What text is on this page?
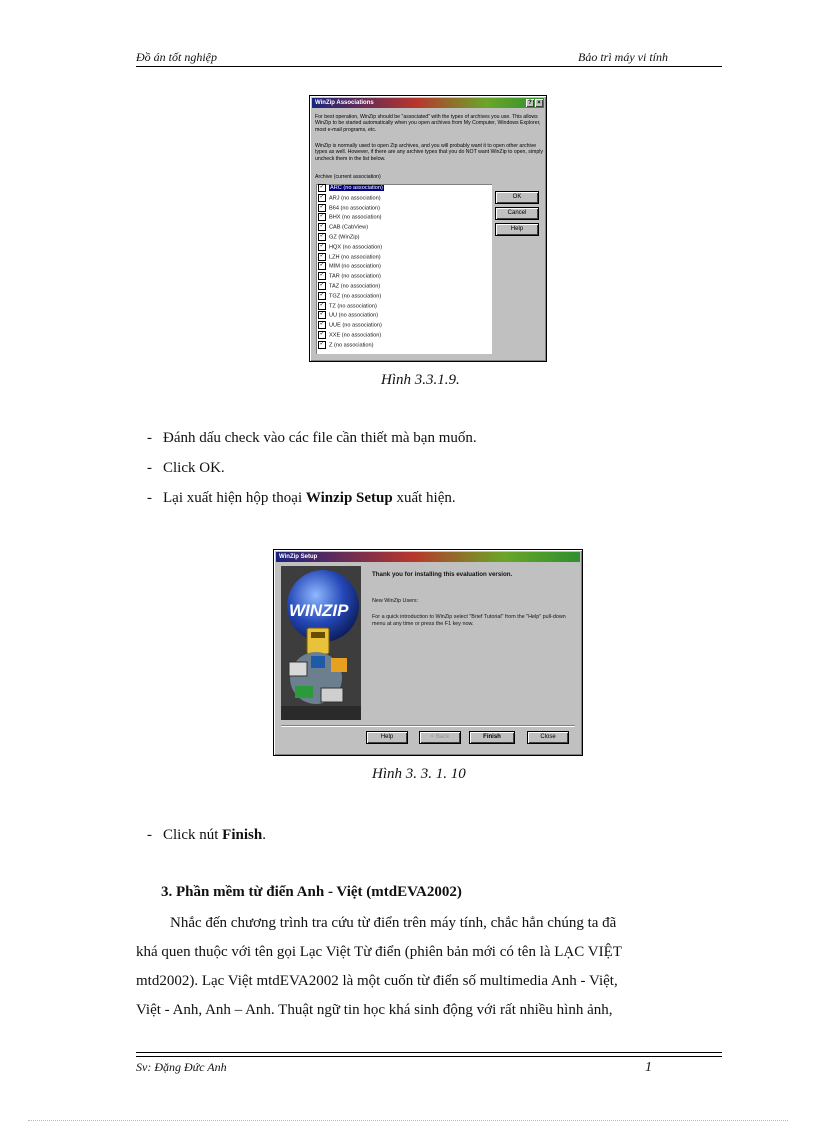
Đồ án tốt nghiệp	Bảo trì máy vi tính
WinZip Associations	? ×
For best operation, WinZip should be "associated" with the types of archives you use. This allows WinZip to be started automatically when you open archives from My Computer, Windows Explorer, most e-mail programs, etc.
WinZip is normally used to open Zip archives, and you will probably want it to open other archive types as well. However, if there are any archive types that you do NOT want WinZip to open, simply uncheck them in the list below.
Archive (current association)
✓ ARC (no association)
✓ ARJ (no association)
✓ B64 (no association)
✓ BHX (no association)
✓ CAB (CabView)
✓ GZ (WinZip)
✓ HQX (no association)
✓ LZH (no association)
✓ MIM (no association)
✓ TAR (no association)
✓ TAZ (no association)
✓ TGZ (no association)
✓ TZ (no association)
✓ UU (no association)
✓ UUE (no association)
✓ XXE (no association)
✓ Z (no association)
OK
Cancel
Help
Hình 3.3.1.9.
- Đánh dấu check vào các file cần thiết mà bạn muốn.
- Click OK.
- Lại xuất hiện hộp thoại Winzip Setup xuất hiện.
WinZip Setup
WINZIP
Thank you for installing this evaluation version.
New WinZip Users:
For a quick introduction to WinZip select "Brief Tutorial" from the "Help" pull-down menu at any time or press the F1 key now.
Help	< Back	Finish	Close
Hình 3. 3. 1. 10
- Click nút Finish.
3. Phần mềm từ điển Anh - Việt (mtdEVA2002)

Nhắc đến chương trình tra cứu từ điển trên máy tính, chắc hẳn chúng ta đã

khá quen thuộc với tên gọi Lạc Việt Từ điển (phiên bản mới có tên là LẠC VIỆT

mtd2002). Lạc Việt mtdEVA2002 là một cuốn từ điển số multimedia Anh - Việt,

Việt - Anh, Anh – Anh. Thuật ngữ tin học khá sinh động với rất nhiều hình ảnh,

Sv: Đặng Đức Anh	1
